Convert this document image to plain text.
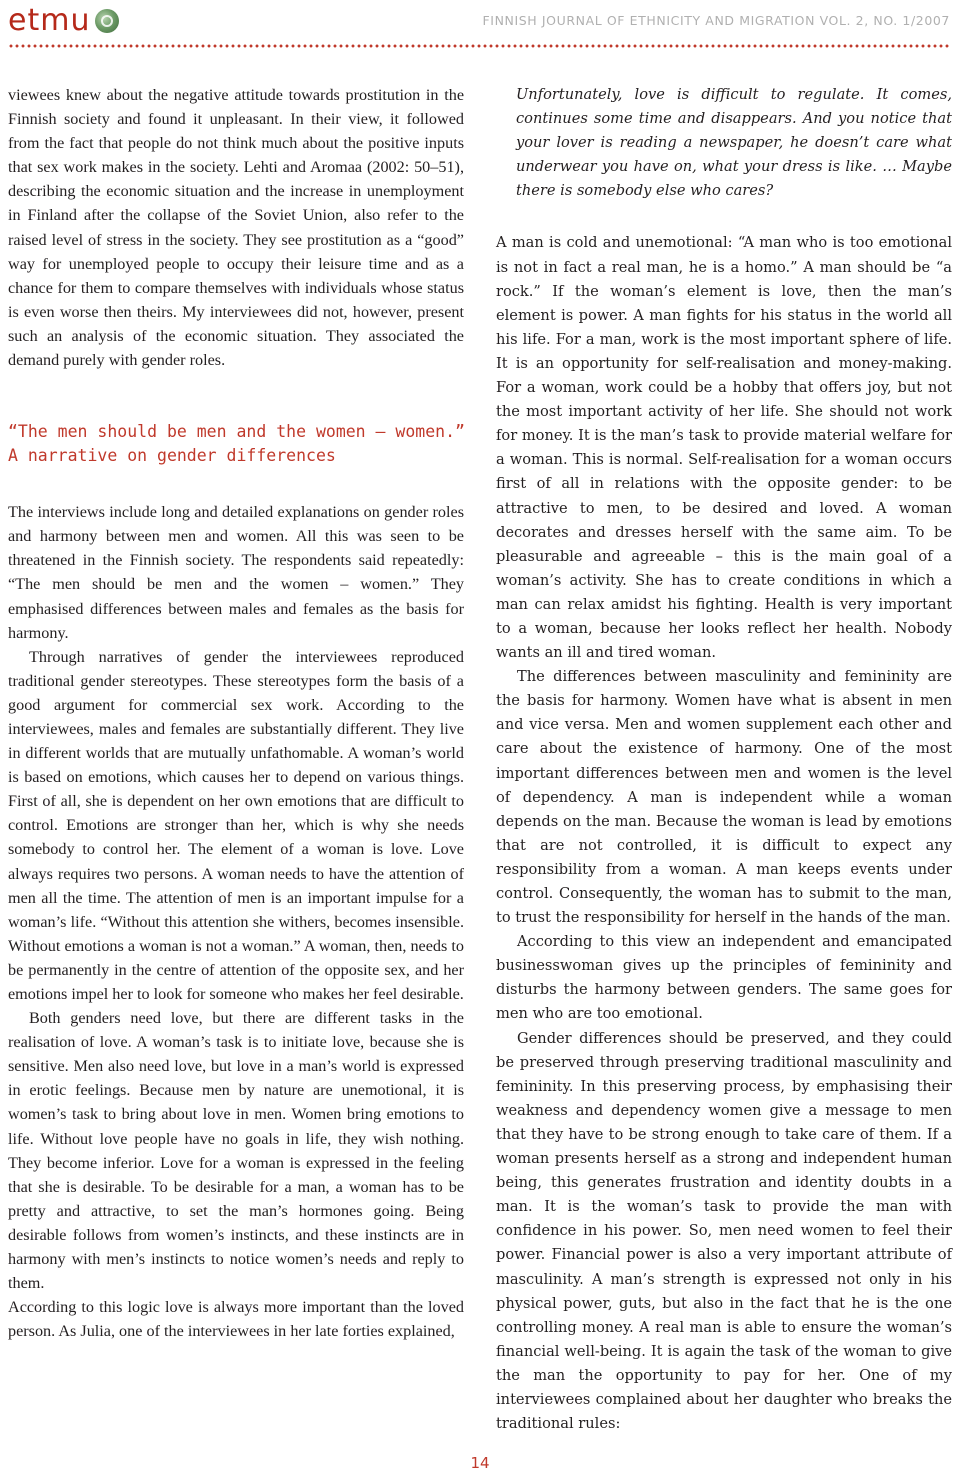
etmu	FINNISH JOURNAL OF ETHNICITY AND MIGRATION VOL. 2, NO. 1/2007

viewees knew about the negative attitude towards prostitution in the Finnish society and found it unpleasant. In their view, it followed from the fact that people do not think much about the positive inputs that sex work makes in the society. Lehti and Aromaa (2002: 50–51), describing the economic situation and the increase in unemployment in Finland after the collapse of the Soviet Union, also refer to the raised level of stress in the society. They see prostitution as a “good” way for unemployed people to occupy their leisure time and as a chance for them to compare themselves with individuals whose status is even worse then theirs. My interviewees did not, however, present such an analysis of the economic situation. They associated the demand purely with gender roles.

“The men should be men and the women – women.”
A narrative on gender differences

The interviews include long and detailed explanations on gender roles and harmony between men and women. All this was seen to be threatened in the Finnish society. The respondents said repeatedly: “The men should be men and the women – women.” They emphasised differences between males and females as the basis for harmony.

Through narratives of gender the interviewees reproduced traditional gender stereotypes. These stereotypes form the basis of a good argument for commercial sex work. According to the interviewees, males and females are substantially different. They live in different worlds that are mutually unfathomable. A woman’s world is based on emotions, which causes her to depend on various things. First of all, she is dependent on her own emotions that are difficult to control. Emotions are stronger than her, which is why she needs somebody to control her. The element of a woman is love. Love always requires two persons. A woman needs to have the attention of men all the time. The attention of men is an important impulse for a woman’s life. “Without this attention she withers, becomes insensible. Without emotions a woman is not a woman.” A woman, then, needs to be permanently in the centre of attention of the opposite sex, and her emotions impel her to look for someone who makes her feel desirable.

Both genders need love, but there are different tasks in the realisation of love. A woman’s task is to initiate love, because she is sensitive. Men also need love, but love in a man’s world is expressed in erotic feelings. Because men by nature are unemotional, it is women’s task to bring about love in men. Women bring emotions to life. Without love people have no goals in life, they wish nothing. They become inferior. Love for a woman is expressed in the feeling that she is desirable. To be desirable for a man, a woman has to be pretty and attractive, to set the man’s hormones going. Being desirable follows from women’s instincts, and these instincts are in harmony with men’s instincts to notice women’s needs and reply to them.

According to this logic love is always more important than the loved person. As Julia, one of the interviewees in her late forties explained,

Unfortunately, love is difficult to regulate. It comes, continues some time and disappears. And you notice that your lover is reading a newspaper, he doesn’t care what underwear you have on, what your dress is like. … Maybe there is somebody else who cares?

A man is cold and unemotional: “A man who is too emotional is not in fact a real man, he is a homo.” A man should be “a rock.” If the woman’s element is love, then the man’s element is power. A man fights for his status in the world all his life. For a man, work is the most important sphere of life. It is an opportunity for self-realisation and money-making. For a woman, work could be a hobby that offers joy, but not the most important activity of her life. She should not work for money. It is the man’s task to provide material welfare for a woman. This is normal. Self-realisation for a woman occurs first of all in relations with the opposite gender: to be attractive to men, to be desired and loved. A woman decorates and dresses herself with the same aim. To be pleasurable and agreeable – this is the main goal of a woman’s activity. She has to create conditions in which a man can relax amidst his fighting. Health is very important to a woman, because her looks reflect her health. Nobody wants an ill and tired woman.

The differences between masculinity and femininity are the basis for harmony. Women have what is absent in men and vice versa. Men and women supplement each other and care about the existence of harmony. One of the most important differences between men and women is the level of dependency. A man is independent while a woman depends on the man. Because the woman is lead by emotions that are not controlled, it is difficult to expect any responsibility from a woman. A man keeps events under control. Consequently, the woman has to submit to the man, to trust the responsibility for herself in the hands of the man.

According to this view an independent and emancipated businesswoman gives up the principles of femininity and disturbs the harmony between genders. The same goes for men who are too emotional.

Gender differences should be preserved, and they could be preserved through preserving traditional masculinity and femininity. In this preserving process, by emphasising their weakness and dependency women give a message to men that they have to be strong enough to take care of them. If a woman presents herself as a strong and independent human being, this generates frustration and identity doubts in a man. It is the woman’s task to provide the man with confidence in his power. So, men need women to feel their power. Financial power is also a very important attribute of masculinity. A man’s strength is expressed not only in his physical power, guts, but also in the fact that he is the one controlling money. A real man is able to ensure the woman’s financial well-being. It is again the task of the woman to give the man the opportunity to pay for her. One of my interviewees complained about her daughter who breaks the traditional rules:

14
